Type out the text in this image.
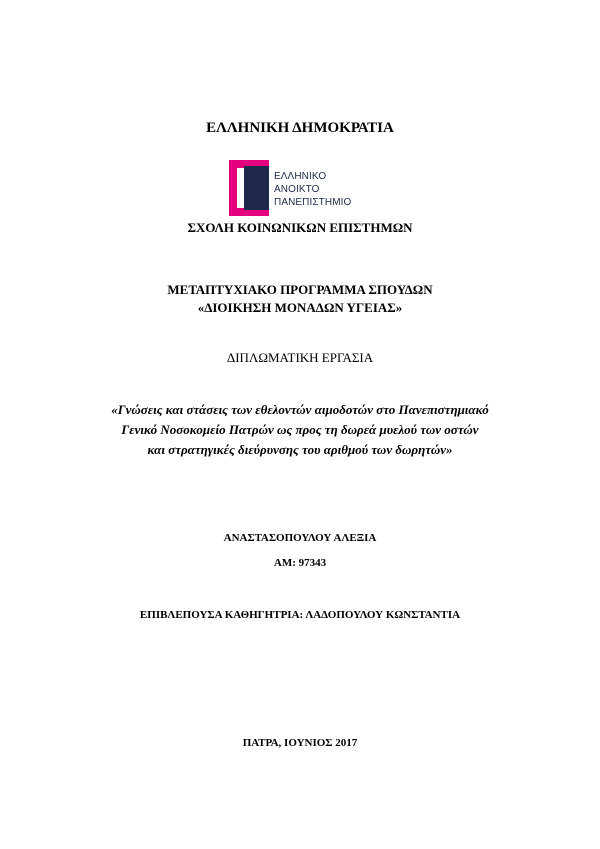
ΕΛΛΗΝΙΚΗ ΔΗΜΟΚΡΑΤΙΑ
ΕΛΛΗΝΙΚΟ
ΑΝΟΙΚΤΟ
ΠΑΝΕΠΙΣΤΗΜΙΟ
ΣΧΟΛΗ ΚΟΙΝΩΝΙΚΩΝ ΕΠΙΣΤΗΜΩΝ
ΜΕΤΑΠΤΥΧΙΑΚΟ ΠΡΟΓΡΑΜΜΑ ΣΠΟΥΔΩΝ
«ΔΙΟΙΚΗΣΗ ΜΟΝΑΔΩΝ ΥΓΕΙΑΣ»
ΔΙΠΛΩΜΑΤΙΚΗ ΕΡΓΑΣΙΑ
«Γνώσεις και στάσεις των εθελοντών αιμοδοτών στο Πανεπιστημιακό
Γενικό Νοσοκομείο Πατρών ως προς τη δωρεά μυελού των οστών
και στρατηγικές διεύρυνσης του αριθμού των δωρητών»
ΑΝΑΣΤΑΣΟΠΟΥΛΟΥ ΑΛΕΞΙΑ
ΑΜ: 97343
ΕΠΙΒΛΕΠΟΥΣΑ ΚΑΘΗΓΗΤΡΙΑ: ΛΑΔΟΠΟΥΛΟΥ ΚΩΝΣΤΑΝΤΙΑ
ΠΑΤΡΑ, ΙΟΥΝΙΟΣ 2017
